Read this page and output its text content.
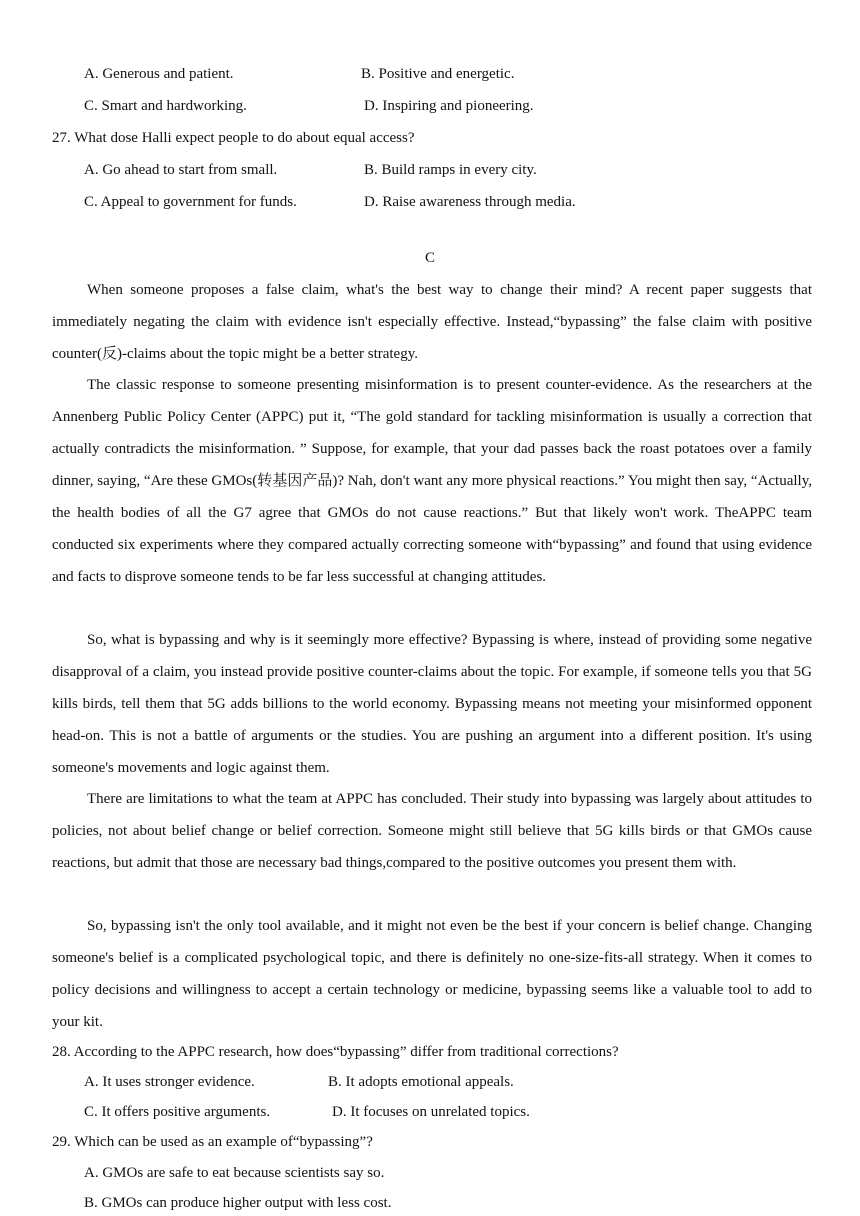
A. Generous and patient.	B. Positive and energetic.
C. Smart and hardworking.	D. Inspiring and pioneering.
27. What dose Halli expect people to do about equal access?
A. Go ahead to start from small.	B. Build ramps in every city.
C. Appeal to government for funds.	D. Raise awareness through media.
C
When someone proposes a false claim, what's the best way to change their mind? A recent paper suggests that immediately negating the claim with evidence isn't especially effective. Instead,“bypassing” the false claim with positive counter(反)-claims about the topic might be a better strategy.
The classic response to someone presenting misinformation is to present counter-evidence. As the researchers at the Annenberg Public Policy Center (APPC) put it, “The gold standard for tackling misinformation is usually a correction that actually contradicts the misinformation. ” Suppose, for example, that your dad passes back the roast potatoes over a family dinner, saying, “Are these GMOs(转基因产品)? Nah, don't want any more physical reactions.” You might then say, “Actually, the health bodies of all the G7 agree that GMOs do not cause reactions.” But that likely won't work. TheAPPC team conducted six experiments where they compared actually correcting someone with“bypassing” and found that using evidence and facts to disprove someone tends to be far less successful at changing attitudes.
So, what is bypassing and why is it seemingly more effective? Bypassing is where, instead of providing some negative disapproval of a claim, you instead provide positive counter-claims about the topic. For example, if someone tells you that 5G kills birds, tell them that 5G adds billions to the world economy. Bypassing means not meeting your misinformed opponent head-on. This is not a battle of arguments or the studies. You are pushing an argument into a different position. It's using someone's movements and logic against them.
There are limitations to what the team at APPC has concluded. Their study into bypassing was largely about attitudes to policies, not about belief change or belief correction. Someone might still believe that 5G kills birds or that GMOs cause reactions, but admit that those are necessary bad things,compared to the positive outcomes you present them with.
So, bypassing isn't the only tool available, and it might not even be the best if your concern is belief change. Changing someone's belief is a complicated psychological topic, and there is definitely no one-size-fits-all strategy. When it comes to policy decisions and willingness to accept a certain technology or medicine, bypassing seems like a valuable tool to add to your kit.
28. According to the APPC research, how does“bypassing” differ from traditional corrections?
A. It uses stronger evidence.	B. It adopts emotional appeals.
C. It offers positive arguments.	D. It focuses on unrelated topics.
29. Which can be used as an example of“bypassing”?
A. GMOs are safe to eat because scientists say so.
B. GMOs can produce higher output with less cost.
